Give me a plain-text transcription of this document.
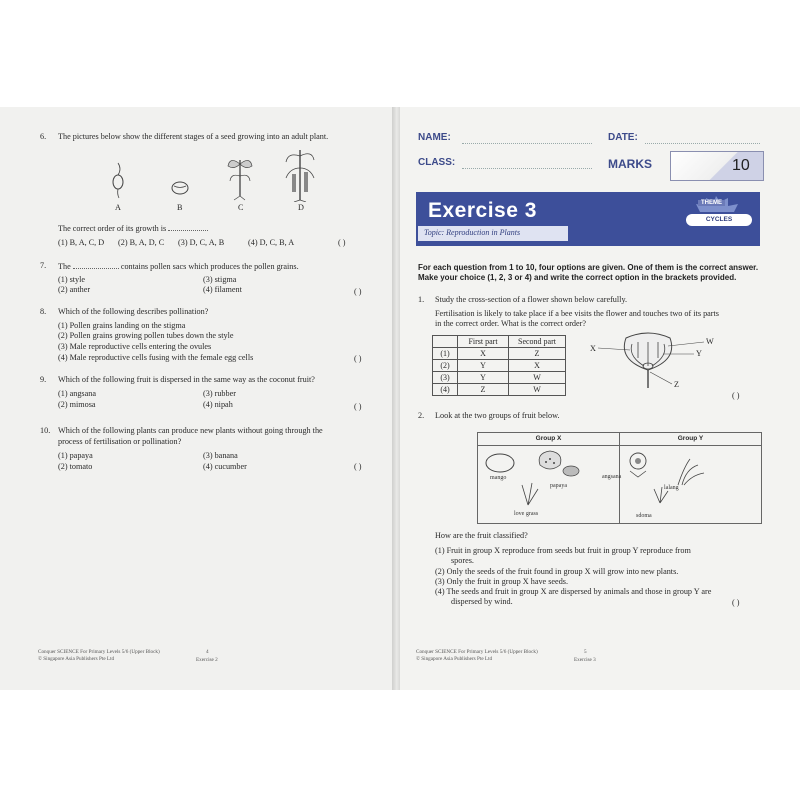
6. The pictures below show the different stages of a seed growing into an adult plant.
A	B	C	D
The correct order of its growth is
(1) B, A, C, D (2) B, A, D, C (3) D, C, A, B	(4) D, C, B, A	( )
7. The	contains pollen sacs which produces the pollen grains.
(1) style
(2) anther
(3) stigma
(4) filament	( )
8. Which of the following describes pollination?
(1) Pollen grains landing on the stigma
(2) Pollen grains growing pollen tubes down the style
(3) Male reproductive cells entering the ovules
(4) Male reproductive cells fusing with the female egg cells	( )
9. Which of the following fruit is dispersed in the same way as the coconut fruit?
(1) angsana
(2) mimosa
(3) rubber
(4) nipah	( )
10. Which of the following plants can produce new plants without going through the
process of fertilisation or pollination?
(1) papaya
(2) tomato
(3) banana
(4) cucumber	( )
Conquer SCIENCE For Primary Levels 5/6 (Upper Block)
© Singapore Asia Publishers Pte Ltd
4
Exercise 2
NAME:	DATE:
CLASS:	MARKS	10
Exercise 3
Topic: Reproduction in Plants
THEME
CYCLES
For each question from 1 to 10, four options are given. One of them is the correct answer.
Make your choice (1, 2, 3 or 4) and write the correct option in the brackets provided.
1. Study the cross-section of a flower shown below carefully.
Fertilisation is likely to take place if a bee visits the flower and touches two of its parts
in the correct order. What is the correct order?
	First part	Second part
(1)	X	Z
(2)	Y	X
(3)	Y	W
(4)	Z	W
W
X
Y
Z
( )
2. Look at the two groups of fruit below.
Group X	Group Y
mango
papaya
love grass
angsana
lalang
sdoma
How are the fruit classified?
(1) Fruit in group X reproduce from seeds but fruit in group Y reproduce from
spores.
(2) Only the seeds of the fruit found in group X will grow into new plants.
(3) Only the fruit in group X have seeds.
(4) The seeds and fruit in group X are dispersed by animals and those in group Y are
dispersed by wind.	( )
Conquer SCIENCE For Primary Levels 5/6 (Upper Block)
© Singapore Asia Publishers Pte Ltd
5
Exercise 3
